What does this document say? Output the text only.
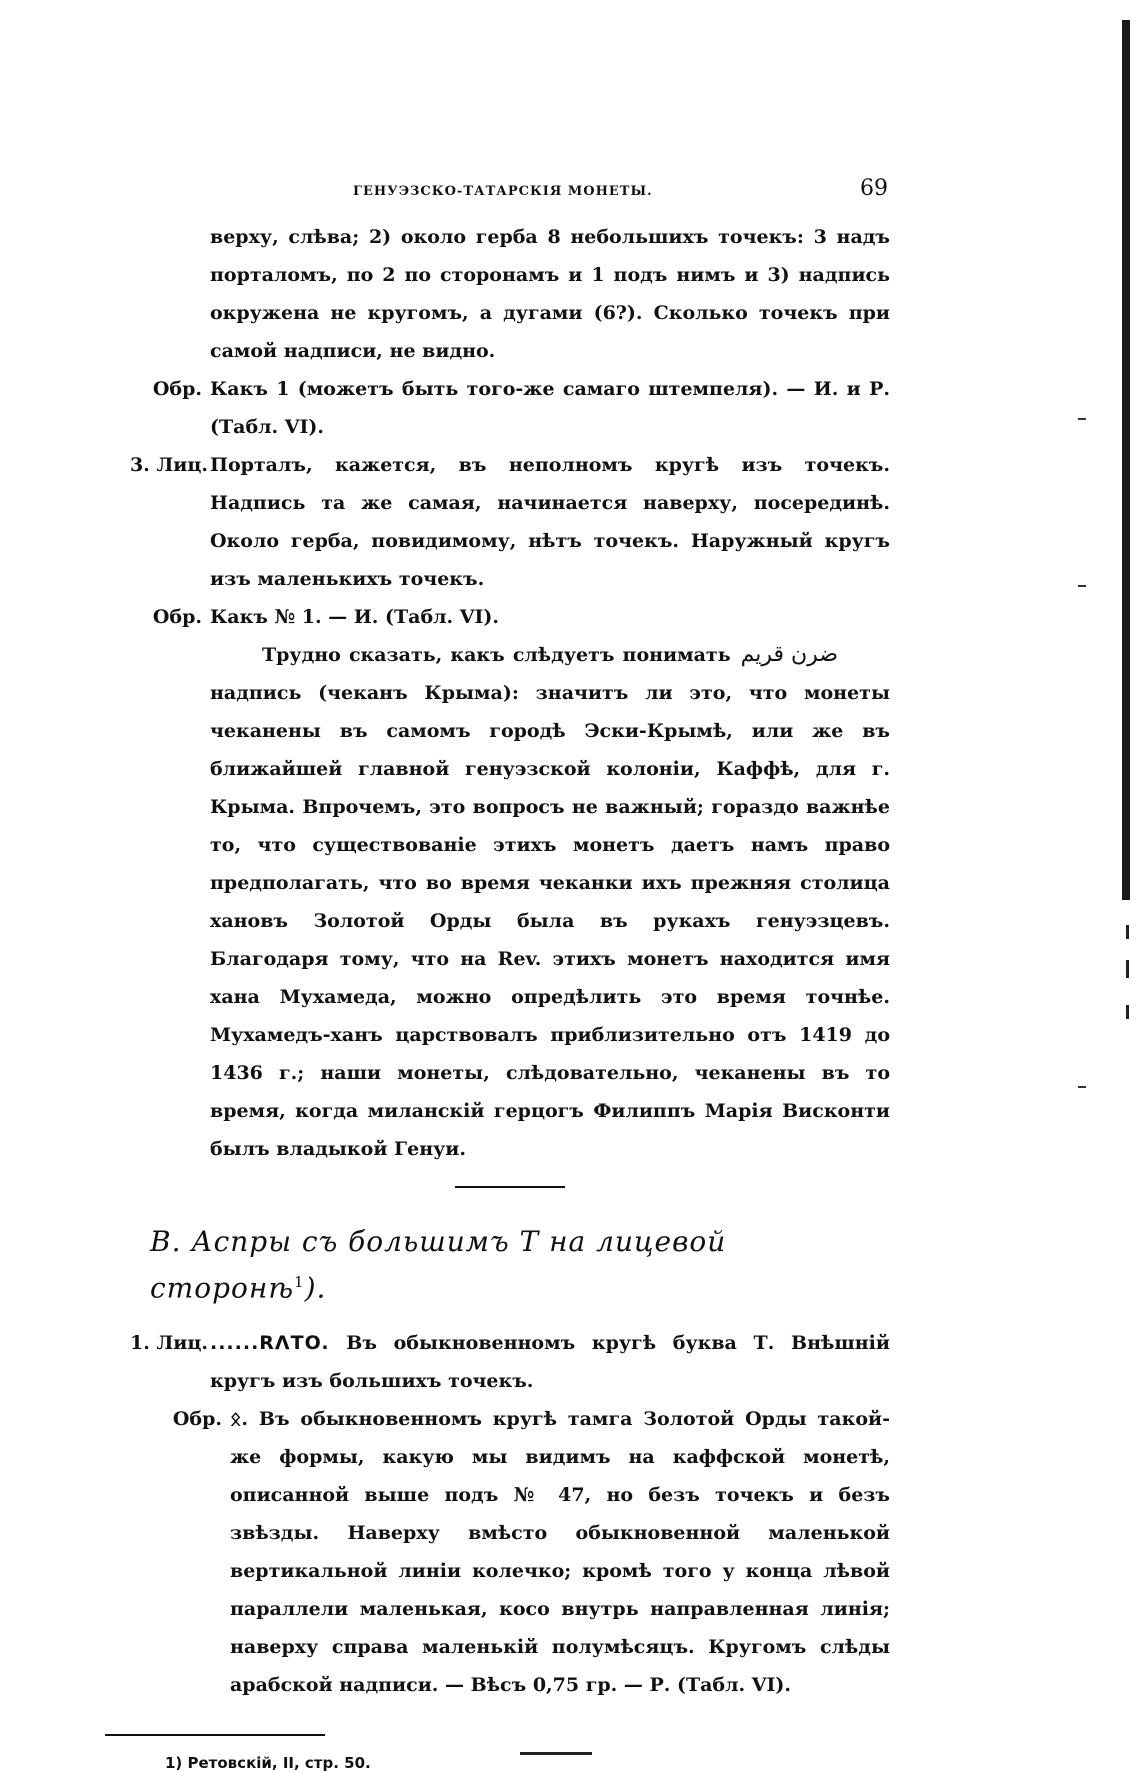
ГЕНУЭЗСКО-ТАТАРСКІЯ МОНЕТЫ.	69

верху, слѣва; 2) около герба 8 небольшихъ точекъ: 3 надъ порталомъ, по 2 по сторонамъ и 1 подъ нимъ и 3) надпись окружена не кругомъ, а дугами (6?). Сколько точекъ при самой надписи, не видно.

Обр. Какъ 1 (можетъ быть того-же самаго штемпеля). — И. и Р. (Табл. VI).
3. Лиц. Порталъ, кажется, въ неполномъ кругѣ изъ точекъ. Надпись та же самая, начинается наверху, посерединѣ. Около герба, повидимому, нѣтъ точекъ. Наружный кругъ изъ маленькихъ точекъ.
Обр. Какъ № 1. — И. (Табл. VI).

ضرن قريم
Трудно сказать, какъ слѣдуетъ понимать надпись (чеканъ Крыма): значитъ ли это, что монеты чеканены въ самомъ городѣ Эски-Крымѣ, или же въ ближайшей главной генуэзской колоніи, Каффѣ, для г. Крыма. Впрочемъ, это вопросъ не важный; гораздо важнѣе то, что существованіе этихъ монетъ даетъ намъ право предполагать, что во время чеканки ихъ прежняя столица хановъ Золотой Орды была въ рукахъ генуэзцевъ. Благодаря тому, что на Rev. этихъ монетъ находится имя хана Мухамеда, можно опредѣлить это время точнѣе. Мухамедъ-ханъ царствовалъ приблизительно отъ 1419 до 1436 г.; наши монеты, слѣдовательно, чеканены въ то время, когда миланскій герцогъ Филиппъ Марія Висконти былъ владыкой Генуи.

В. Аспры съ большимъ Т на лицевой сторонѣ$^1$).
1. Лиц. ......RΛTO. Въ обыкновенномъ кругѣ буква Т. Внѣшній кругъ изъ большихъ точекъ.
Обр. ᛟ. Въ обыкновенномъ кругѣ тамга Золотой Орды такой-же формы, какую мы видимъ на каффской монетѣ, описанной выше подъ № 47, но безъ точекъ и безъ звѣзды. Наверху вмѣсто обыкновенной маленькой вертикальной линіи колечко; кромѣ того у конца лѣвой параллели маленькая, косо внутрь направленная линія; наверху справа маленькій полумѣсяцъ. Кругомъ слѣды арабской надписи. — Вѣсъ 0,75 гр. — Р. (Табл. VI).
1) Ретовскій, II, стр. 50.
